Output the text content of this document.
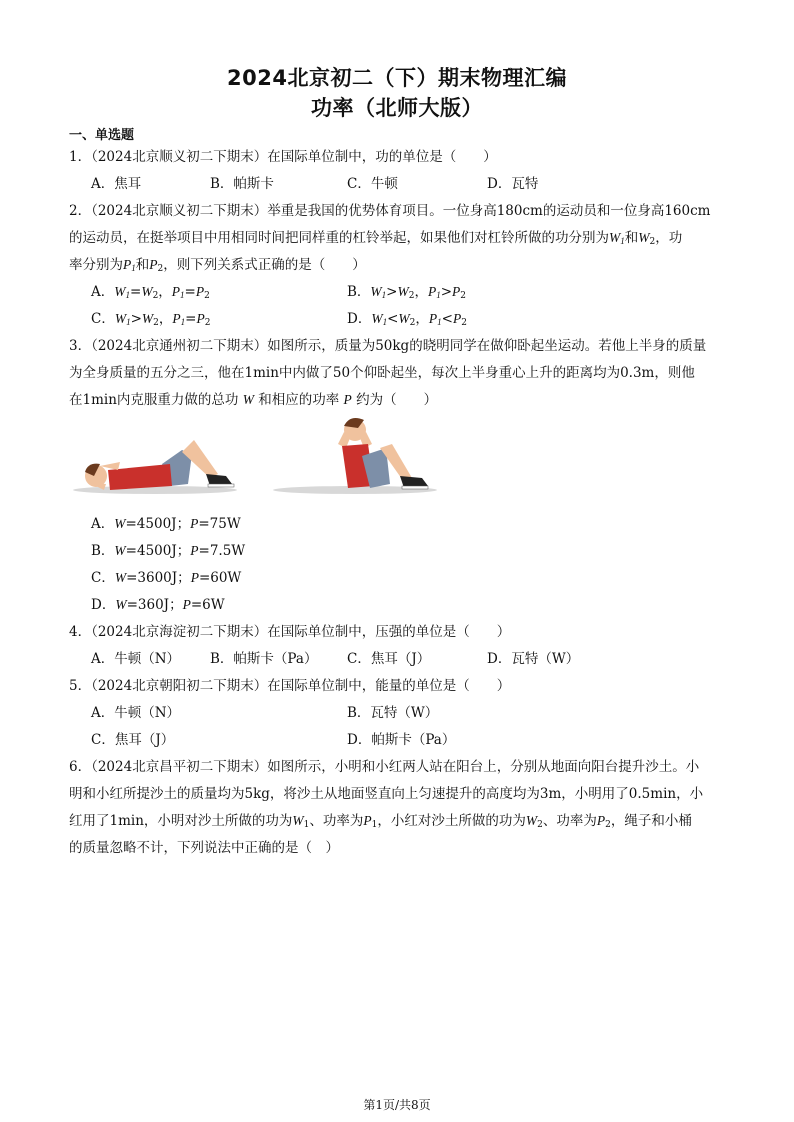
2024北京初二（下）期末物理汇编
功率（北师大版）
一、单选题
1．（2024北京顺义初二下期末）在国际单位制中，功的单位是（　　）
A．焦耳	B．帕斯卡	C．牛顿	D．瓦特
2．（2024北京顺义初二下期末）举重是我国的优势体育项目。一位身高180cm的运动员和一位身高160cm
的运动员，在挺举项目中用相同时间把同样重的杠铃举起，如果他们对杠铃所做的功分别为$W_1$和$W_2$，功
率分别为$P_1$和$P_2$，则下列关系式正确的是（　　）
A．$W_1=W_2$，$P_1=P_2$	B．$W_1>W_2$，$P_1>P_2$
C．$W_1>W_2$，$P_1=P_2$	D．$W_1<W_2$，$P_1<P_2$
3．（2024北京通州初二下期末）如图所示，质量为50kg的晓明同学在做仰卧起坐运动。若他上半身的质量
为全身质量的五分之三，他在1min中内做了50个仰卧起坐，每次上半身重心上升的距离均为0.3m，则他
在1min内克服重力做的总功 W 和相应的功率 P 约为（　　）
A．W=4500J；P=75W
B．W=4500J；P=7.5W
C．W=3600J；P=60W
D．W=360J；P=6W
4．（2024北京海淀初二下期末）在国际单位制中，压强的单位是（　　）
A．牛顿（N） B．帕斯卡（Pa） C．焦耳（J）	D．瓦特（W）
5．（2024北京朝阳初二下期末）在国际单位制中，能量的单位是（　　）
A．牛顿（N）	B．瓦特（W）
C．焦耳（J）	D．帕斯卡（Pa）
6．（2024北京昌平初二下期末）如图所示，小明和小红两人站在阳台上，分别从地面向阳台提升沙土。小
明和小红所提沙土的质量均为5kg，将沙土从地面竖直向上匀速提升的高度均为3m，小明用了0.5min，小
红用了1min，小明对沙土所做的功为$W_1$、功率为$P_1$，小红对沙土所做的功为$W_2$、功率为$P_2$，绳子和小桶
的质量忽略不计，下列说法中正确的是（　）
第1页/共8页
